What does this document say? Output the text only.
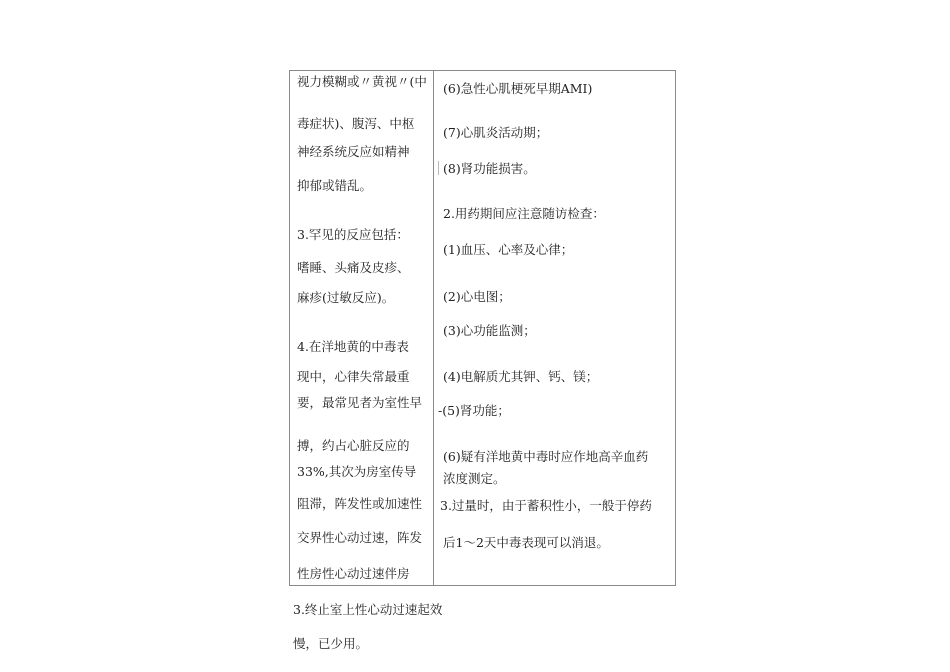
视力模糊或〃黄视〃(中
毒症状)、腹泻、中枢
神经系统反应如精神
抑郁或错乱。
3.罕见的反应包括：
嗜睡、头痛及皮疹、
麻疹(过敏反应)。
4.在洋地黄的中毒表
现中，心律失常最重
要，最常见者为室性早
搏，约占心脏反应的
33%,其次为房室传导
阻滞，阵发性或加速性
交界性心动过速，阵发
性房性心动过速伴房
(6)急性心肌梗死早期AMI)
(7)心肌炎活动期；
(8)肾功能损害。
2.用药期间应注意随访检查：
(1)血压、心率及心律；
(2)心电图；
(3)心功能监测；
(4)电解质尤其钾、钙、镁；
-(5)肾功能；
(6)疑有洋地黄中毒时应作地高辛血药
浓度测定。
3.过量时，由于蓄积性小，一般于停药
后1〜2天中毒表现可以消退。
3.终止室上性心动过速起效
慢，已少用。
